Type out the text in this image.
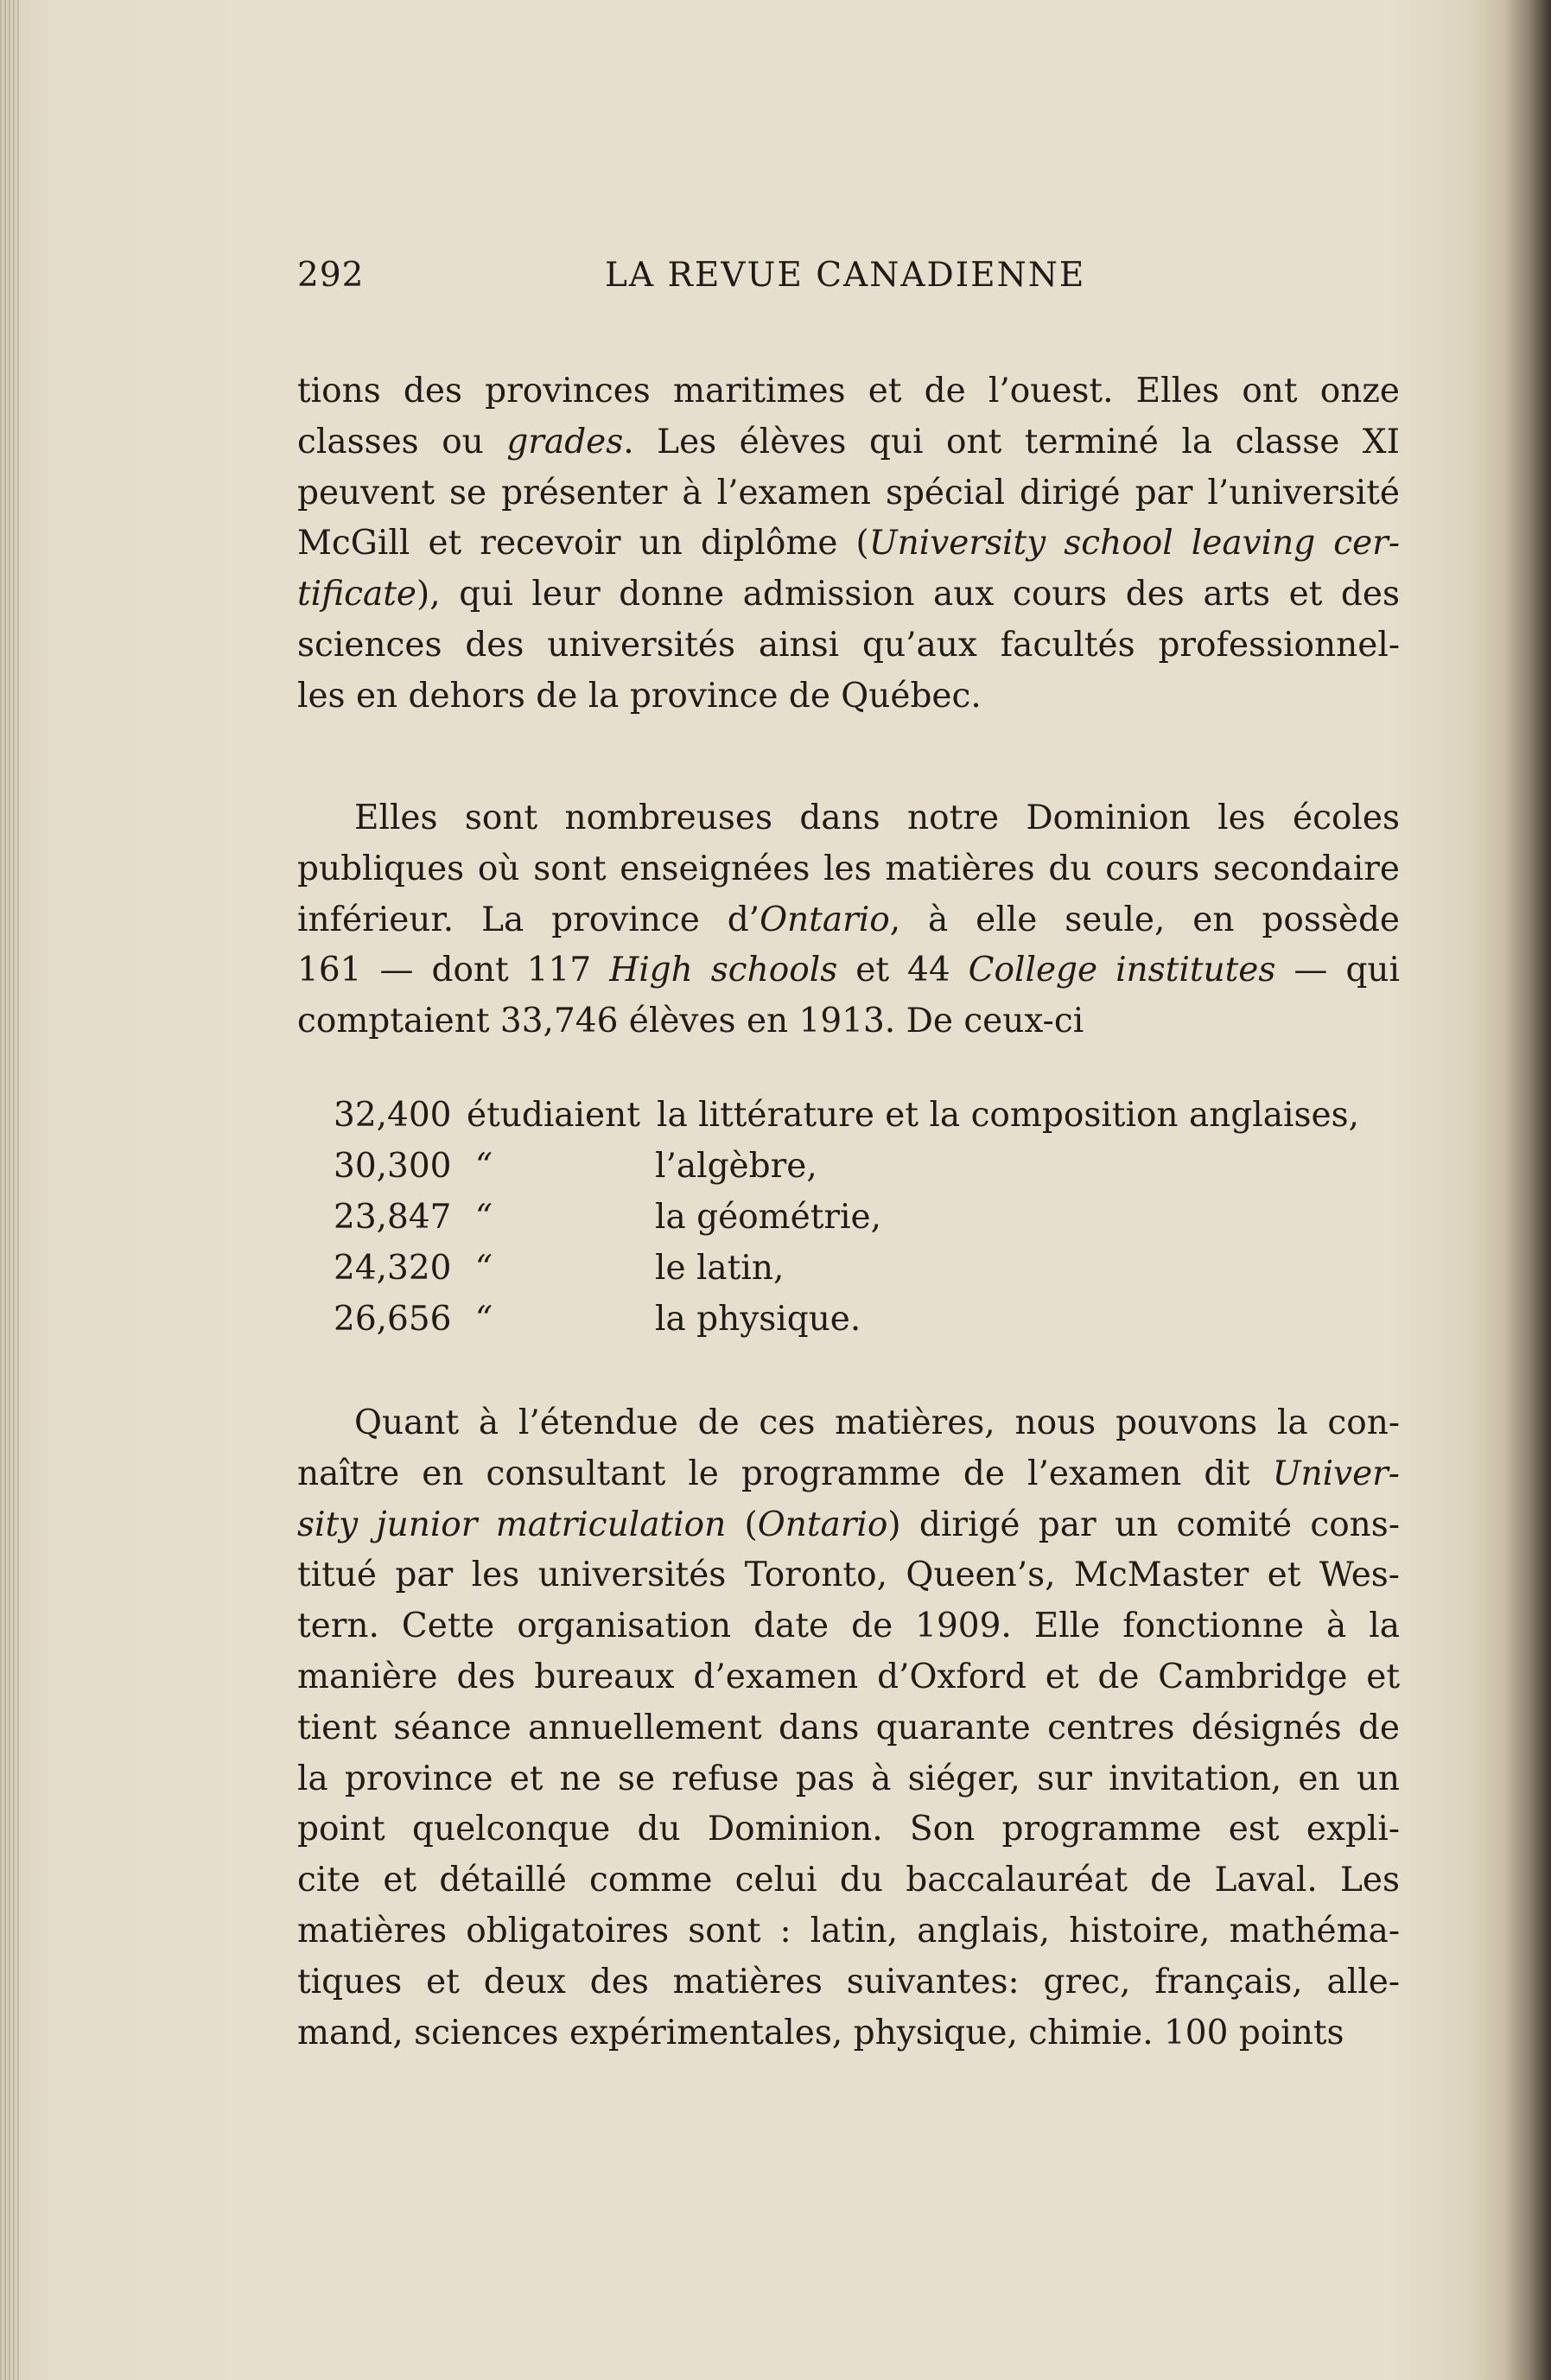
292	LA REVUE CANADIENNE
tions des provinces maritimes et de l’ouest. Elles ont onze
classes ou grades. Les élèves qui ont terminé la classe XI
peuvent se présenter à l’examen spécial dirigé par l’université
McGill et recevoir un diplôme (University school leaving cer-
tificate), qui leur donne admission aux cours des arts et des
sciences des universités ainsi qu’aux facultés professionnel-
les en dehors de la province de Québec.
Elles sont nombreuses dans notre Dominion les écoles
publiques où sont enseignées les matières du cours secondaire
inférieur. La province d’Ontario, à elle seule, en possède
161 — dont 117 High schools et 44 College institutes — qui
comptaient 33,746 élèves en 1913. De ceux-ci
32,400 étudiaient la littérature et la composition anglaises,
30,300 “	l’algèbre,
23,847 “	la géométrie,
24,320 “	le latin,
26,656 “	la physique.
Quant à l’étendue de ces matières, nous pouvons la con-
naître en consultant le programme de l’examen dit Univer-
sity junior matriculation (Ontario) dirigé par un comité cons-
titué par les universités Toronto, Queen’s, McMaster et Wes-
tern. Cette organisation date de 1909. Elle fonctionne à la
manière des bureaux d’examen d’Oxford et de Cambridge et
tient séance annuellement dans quarante centres désignés de
la province et ne se refuse pas à siéger, sur invitation, en un
point quelconque du Dominion. Son programme est expli-
cite et détaillé comme celui du baccalauréat de Laval. Les
matières obligatoires sont : latin, anglais, histoire, mathéma-
tiques et deux des matières suivantes: grec, français, alle-
mand, sciences expérimentales, physique, chimie. 100 points
